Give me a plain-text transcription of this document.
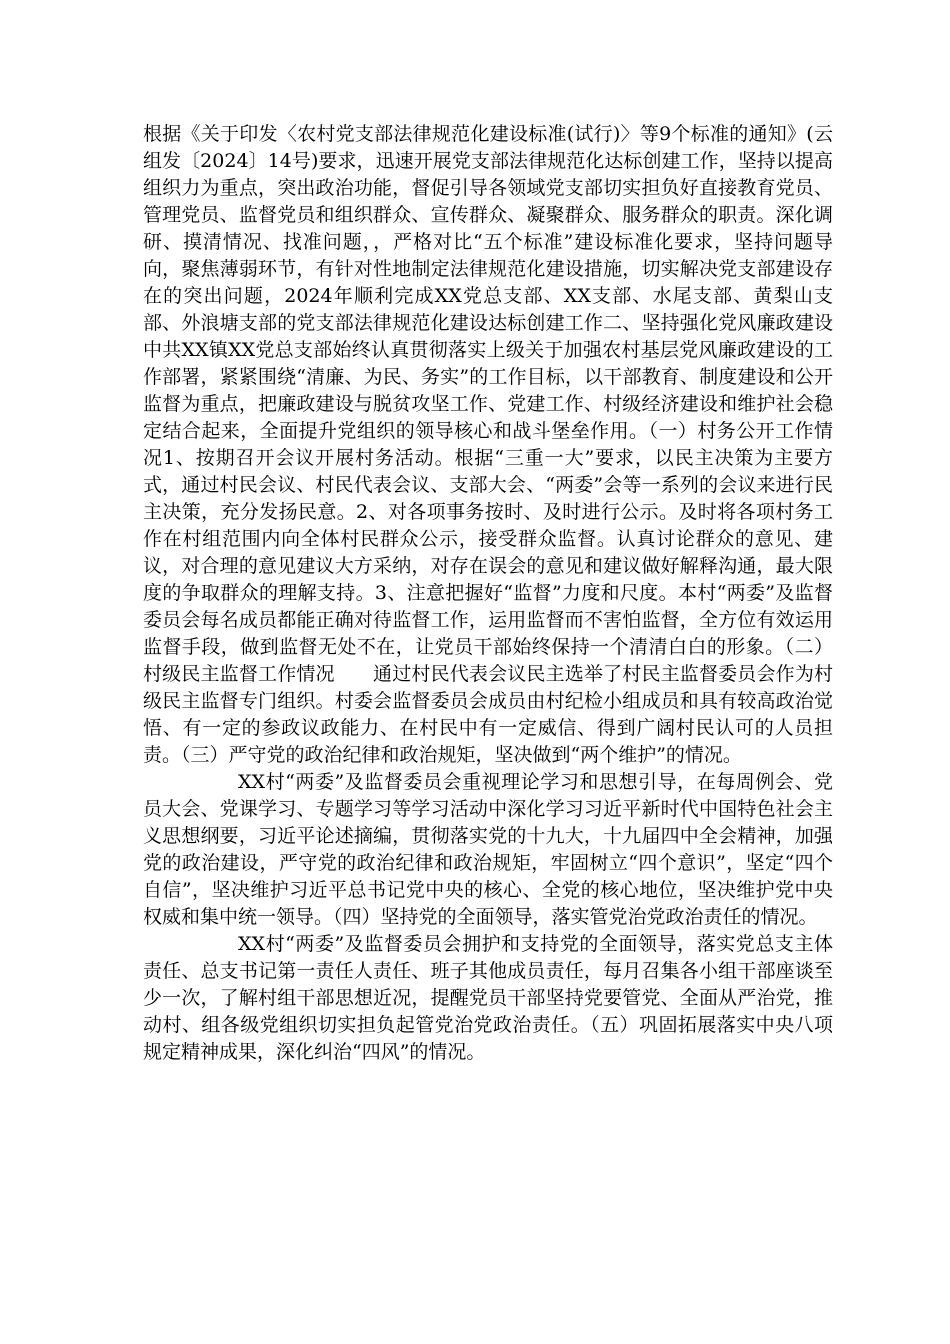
根据《关于印发〈农村党支部法律规范化建设标准(试行)〉等9个标准的通知》(云组发〔2024〕14号)要求，迅速开展党支部法律规范化达标创建工作，坚持以提高组织力为重点，突出政治功能，督促引导各领域党支部切实担负好直接教育党员、管理党员、监督党员和组织群众、宣传群众、凝聚群众、服务群众的职责。深化调研、摸清情况、找准问题，，严格对比“五个标准”建设标准化要求，坚持问题导向，聚焦薄弱环节，有针对性地制定法律规范化建设措施，切实解决党支部建设存在的突出问题，2024年顺利完成XX党总支部、XX支部、水尾支部、黄梨山支部、外浪塘支部的党支部法律规范化建设达标创建工作二、坚持强化党风廉政建设　　中共XX镇XX党总支部始终认真贯彻落实上级关于加强农村基层党风廉政建设的工作部署，紧紧围绕“清廉、为民、务实”的工作目标，以干部教育、制度建设和公开监督为重点，把廉政建设与脱贫攻坚工作、党建工作、村级经济建设和维护社会稳定结合起来，全面提升党组织的领导核心和战斗堡垒作用。（一）村务公开工作情况1、按期召开会议开展村务活动。根据“三重一大”要求，以民主决策为主要方式，通过村民会议、村民代表会议、支部大会、“两委”会等一系列的会议来进行民主决策，充分发扬民意。2、对各项事务按时、及时进行公示。及时将各项村务工作在村组范围内向全体村民群众公示，接受群众监督。认真讨论群众的意见、建议，对合理的意见建议大方采纳，对存在误会的意见和建议做好解释沟通，最大限度的争取群众的理解支持。3、注意把握好“监督”力度和尺度。本村“两委”及监督委员会每名成员都能正确对待监督工作，运用监督而不害怕监督，全方位有效运用监督手段，做到监督无处不在，让党员干部始终保持一个清清白白的形象。（二）村级民主监督工作情况　　通过村民代表会议民主选举了村民主监督委员会作为村级民主监督专门组织。村委会监督委员会成员由村纪检小组成员和具有较高政治觉悟、有一定的参政议政能力、在村民中有一定威信、得到广阔村民认可的人员担责。（三）严守党的政治纪律和政治规矩，坚决做到“两个维护”的情况。

XX村“两委”及监督委员会重视理论学习和思想引导，在每周例会、党员大会、党课学习、专题学习等学习活动中深化学习习近平新时代中国特色社会主义思想纲要，习近平论述摘编，贯彻落实党的十九大，十九届四中全会精神，加强党的政治建设，严守党的政治纪律和政治规矩，牢固树立“四个意识”，坚定“四个自信”，坚决维护习近平总书记党中央的核心、全党的核心地位，坚决维护党中央权威和集中统一领导。（四）坚持党的全面领导，落实管党治党政治责任的情况。

XX村“两委”及监督委员会拥护和支持党的全面领导，落实党总支主体责任、总支书记第一责任人责任、班子其他成员责任，每月召集各小组干部座谈至少一次，了解村组干部思想近况，提醒党员干部坚持党要管党、全面从严治党，推动村、组各级党组织切实担负起管党治党政治责任。（五）巩固拓展落实中央八项规定精神成果，深化纠治“四风”的情况。
